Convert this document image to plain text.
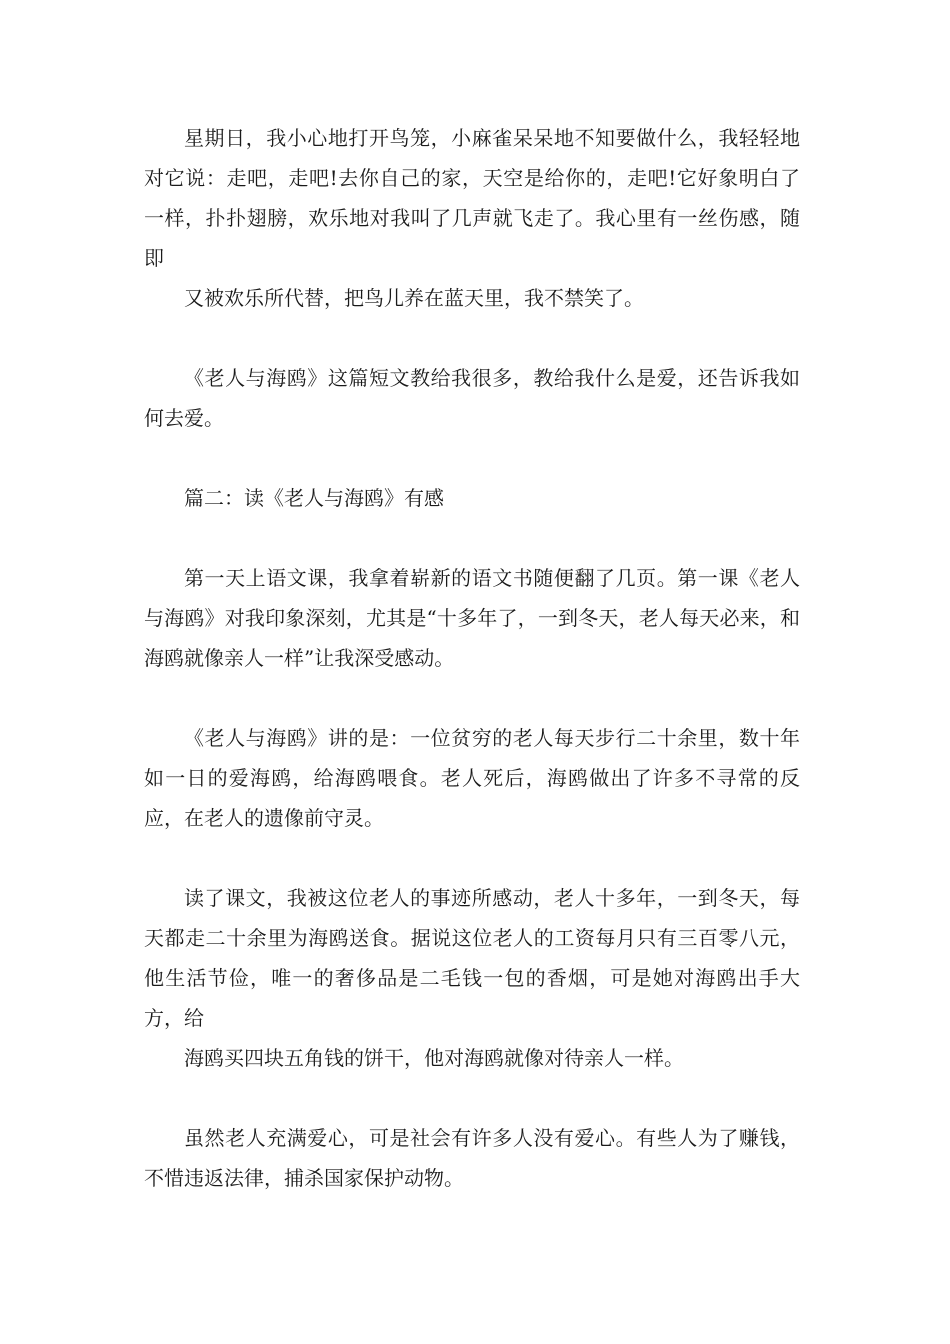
星期日，我小心地打开鸟笼，小麻雀呆呆地不知要做什么，我轻轻地对它说：走吧，走吧!去你自己的家，天空是给你的，走吧!它好象明白了一样，扑扑翅膀，欢乐地对我叫了几声就飞走了。我心里有一丝伤感，随即

又被欢乐所代替，把鸟儿养在蓝天里，我不禁笑了。

《老人与海鸥》这篇短文教给我很多，教给我什么是爱，还告诉我如何去爱。

篇二：读《老人与海鸥》有感

第一天上语文课，我拿着崭新的语文书随便翻了几页。第一课《老人与海鸥》对我印象深刻，尤其是“十多年了，一到冬天，老人每天必来，和海鸥就像亲人一样”让我深受感动。

《老人与海鸥》讲的是：一位贫穷的老人每天步行二十余里，数十年如一日的爱海鸥，给海鸥喂食。老人死后，海鸥做出了许多不寻常的反应，在老人的遗像前守灵。

读了课文，我被这位老人的事迹所感动，老人十多年，一到冬天，每天都走二十余里为海鸥送食。据说这位老人的工资每月只有三百零八元，他生活节俭，唯一的奢侈品是二毛钱一包的香烟，可是她对海鸥出手大方，给

海鸥买四块五角钱的饼干，他对海鸥就像对待亲人一样。

虽然老人充满爱心，可是社会有许多人没有爱心。有些人为了赚钱，不惜违返法律，捕杀国家保护动物。
